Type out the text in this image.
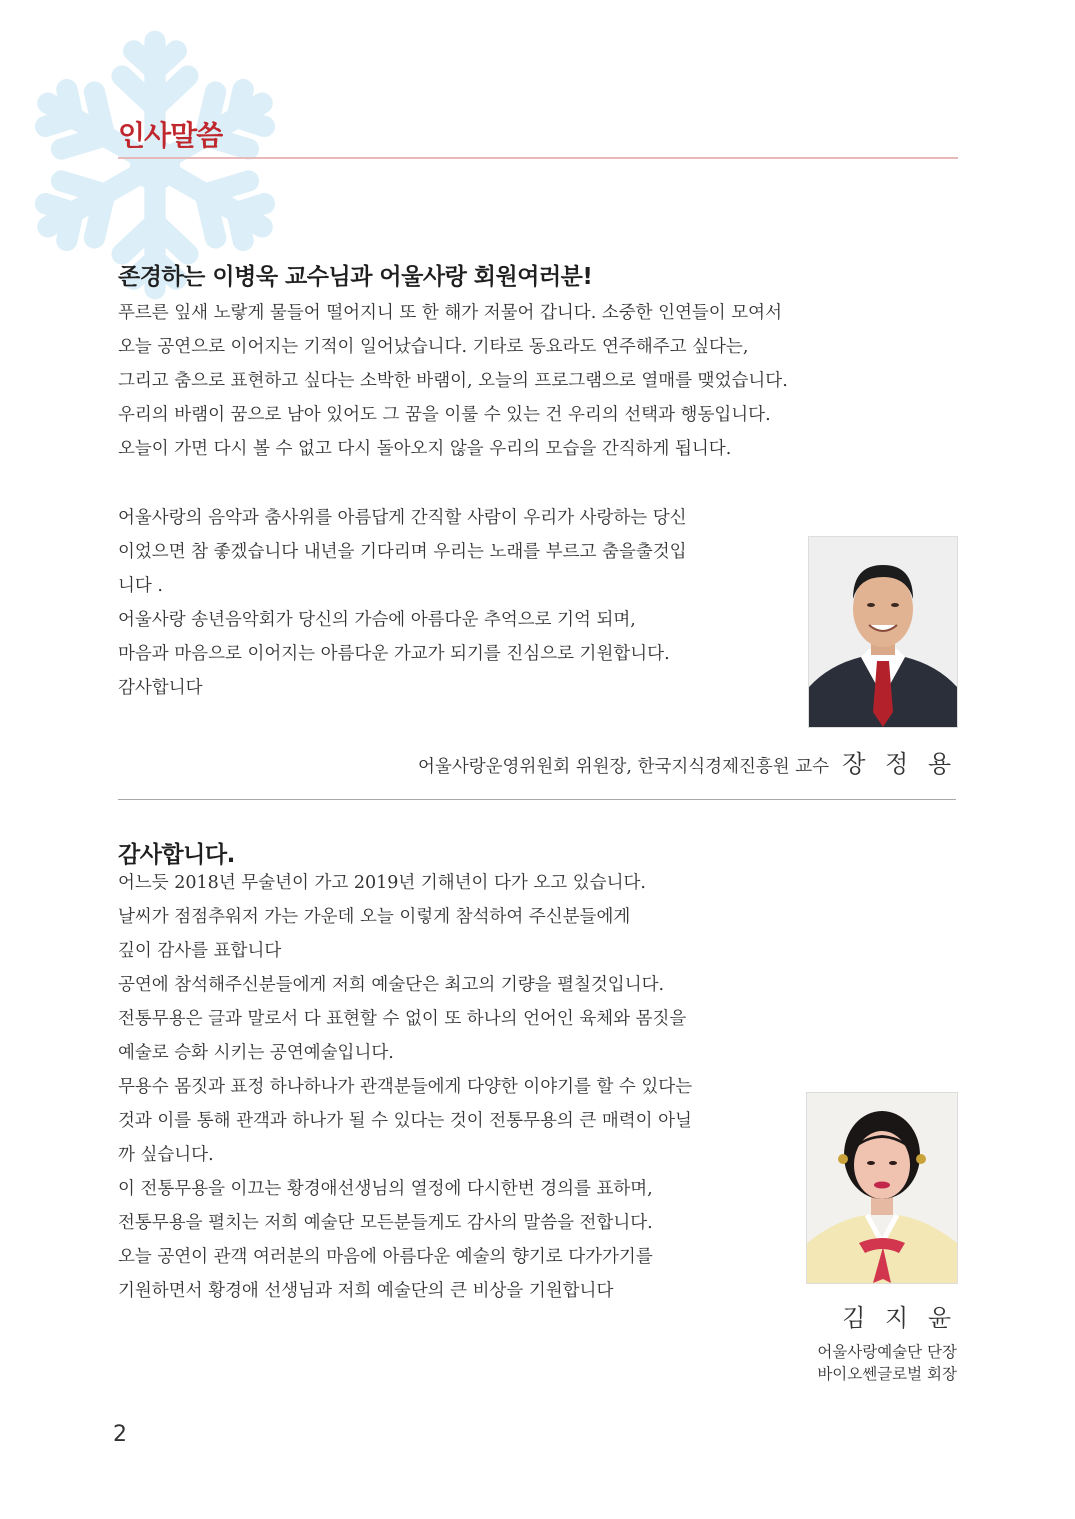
인사말씀
존경하는 이병욱 교수님과 어울사랑 회원여러분!
푸르른 잎새 노랗게 물들어 떨어지니 또 한 해가 저물어 갑니다. 소중한 인연들이 모여서
오늘 공연으로 이어지는 기적이 일어났습니다. 기타로 동요라도 연주해주고 싶다는,
그리고 춤으로 표현하고 싶다는 소박한 바램이, 오늘의 프로그램으로 열매를 맺었습니다.
우리의 바램이 꿈으로 남아 있어도 그 꿈을 이룰 수 있는 건 우리의 선택과 행동입니다.
오늘이 가면 다시 볼 수 없고 다시 돌아오지 않을 우리의 모습을 간직하게 됩니다.
어울사랑의 음악과 춤사위를 아름답게 간직할 사람이 우리가 사랑하는 당신
이었으면 참 좋겠습니다 내년을 기다리며 우리는 노래를 부르고 춤을출것입
니다 .
어울사랑 송년음악회가 당신의 가슴에 아름다운 추억으로 기억 되며,
마음과 마음으로 이어지는 아름다운 가교가 되기를 진심으로 기원합니다.
감사합니다
어울사랑운영위원회 위원장, 한국지식경제진흥원 교수 장 정 용
감사합니다.
어느듯 2018년 무술년이 가고 2019년 기해년이 다가 오고 있습니다.
날씨가 점점추워저 가는 가운데 오늘 이렇게 참석하여 주신분들에게
깊이 감사를 표합니다
공연에 참석해주신분들에게 저희 예술단은 최고의 기량을 펼칠것입니다.
전통무용은 글과 말로서 다 표현할 수 없이 또 하나의 언어인 육체와 몸짓을
예술로 승화 시키는 공연예술입니다.
무용수 몸짓과 표정 하나하나가 관객분들에게 다양한 이야기를 할 수 있다는
것과 이를 통해 관객과 하나가 될 수 있다는 것이 전통무용의 큰 매력이 아닐
까 싶습니다.
이 전통무용을 이끄는 황경애선생님의 열정에 다시한번 경의를 표하며,
전통무용을 펼치는 저희 예술단 모든분들게도 감사의 말씀을 전합니다.
오늘 공연이 관객 여러분의 마음에 아름다운 예술의 향기로 다가가기를
기원하면서 황경애 선생님과 저희 예술단의 큰 비상을 기원합니다
김 지 윤
어울사랑예술단 단장
바이오쎈글로벌 회장
2
